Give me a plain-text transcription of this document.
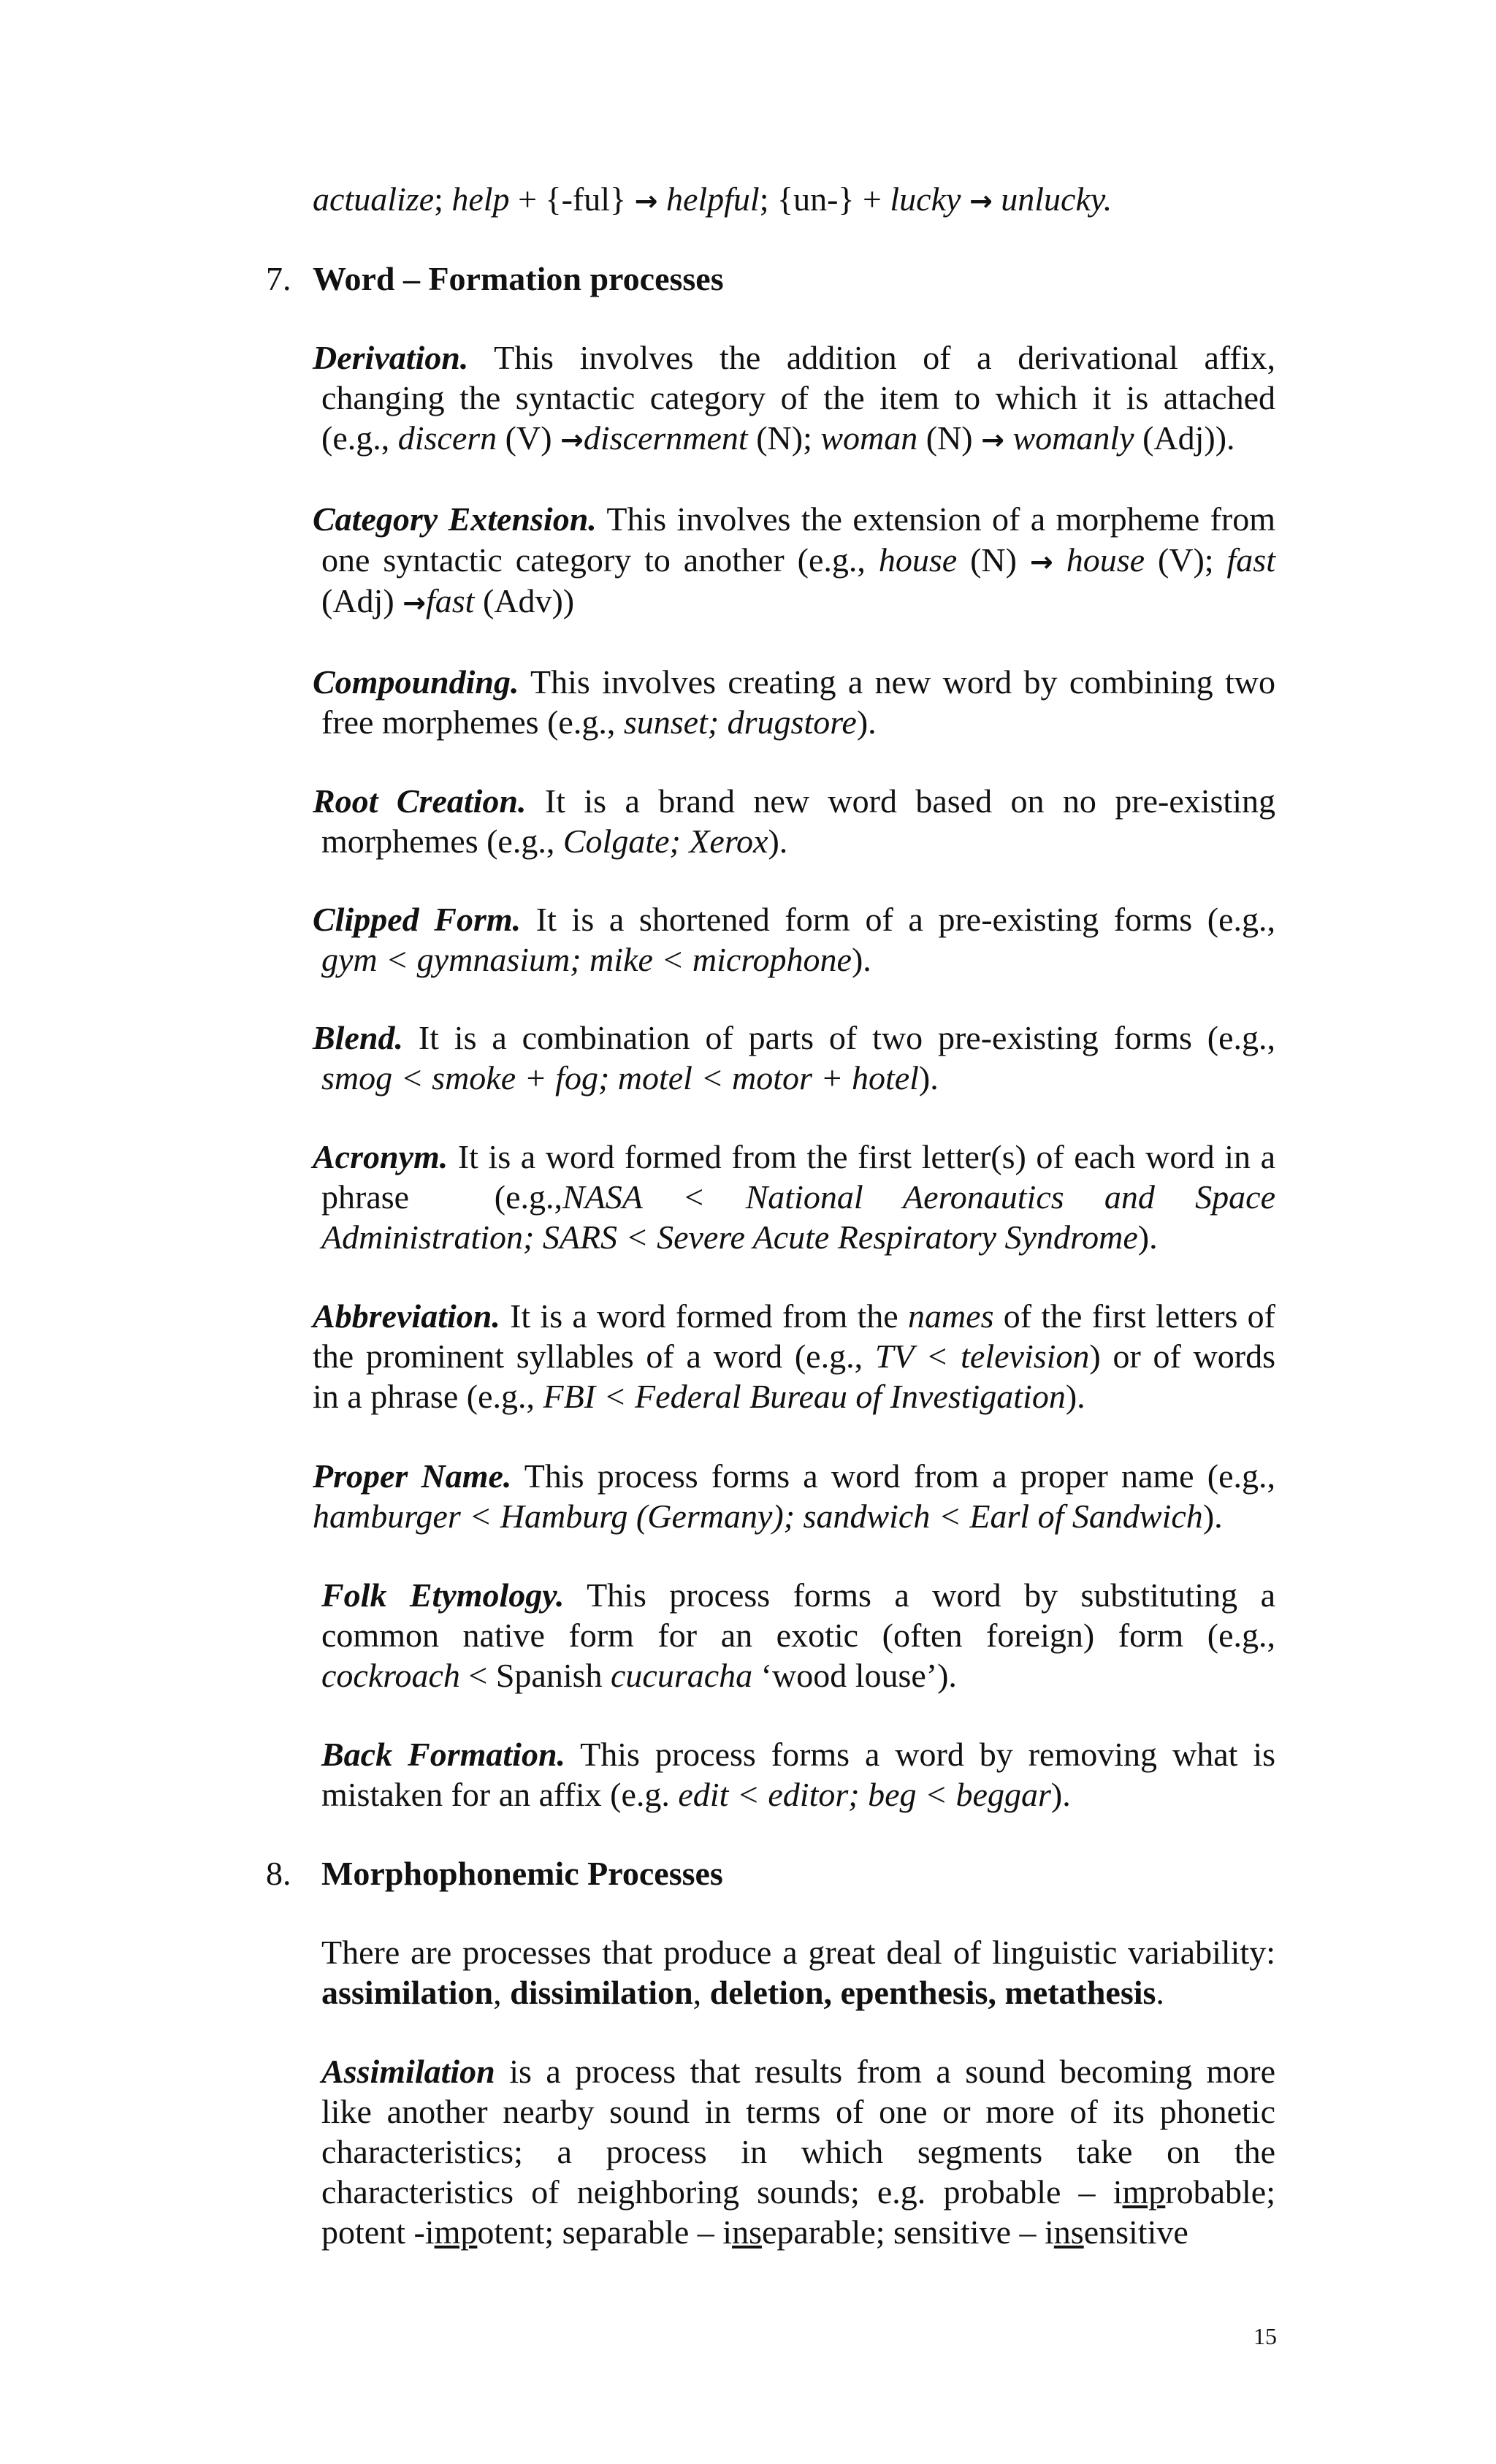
actualize; help + {-ful} → helpful; {un-} + lucky → unlucky.
7. Word – Formation processes
Derivation. This involves the addition of a derivational affix,
changing the syntactic category of the item to which it is attached
(e.g., discern (V) →discernment (N); woman (N) → womanly (Adj)).
Category Extension. This involves the extension of a morpheme from
one syntactic category to another (e.g., house (N) → house (V); fast
(Adj) →fast (Adv))
Compounding. This involves creating a new word by combining two
free morphemes (e.g., sunset; drugstore).
Root Creation. It is a brand new word based on no pre-existing
morphemes (e.g., Colgate; Xerox).
Clipped Form. It is a shortened form of a pre-existing forms (e.g.,
gym < gymnasium; mike < microphone).
Blend. It is a combination of parts of two pre-existing forms (e.g.,
smog < smoke + fog; motel < motor + hotel).
Acronym. It is a word formed from the first letter(s) of each word in a
phrase (e.g.,NASA < National Aeronautics and Space
Administration; SARS < Severe Acute Respiratory Syndrome).
Abbreviation. It is a word formed from the names of the first letters of
the prominent syllables of a word (e.g., TV < television) or of words
in a phrase (e.g., FBI < Federal Bureau of Investigation).
Proper Name. This process forms a word from a proper name (e.g.,
hamburger < Hamburg (Germany); sandwich < Earl of Sandwich).
Folk Etymology. This process forms a word by substituting a
common native form for an exotic (often foreign) form (e.g.,
cockroach < Spanish cucuracha ‘wood louse’).
Back Formation. This process forms a word by removing what is
mistaken for an affix (e.g. edit < editor; beg < beggar).
8. Morphophonemic Processes
There are processes that produce a great deal of linguistic variability:
assimilation, dissimilation, deletion, epenthesis, metathesis.
Assimilation is a process that results from a sound becoming more
like another nearby sound in terms of one or more of its phonetic
characteristics; a process in which segments take on the
characteristics of neighboring sounds; e.g. probable – improbable;
potent -impotent; separable – inseparable; sensitive – insensitive
15
